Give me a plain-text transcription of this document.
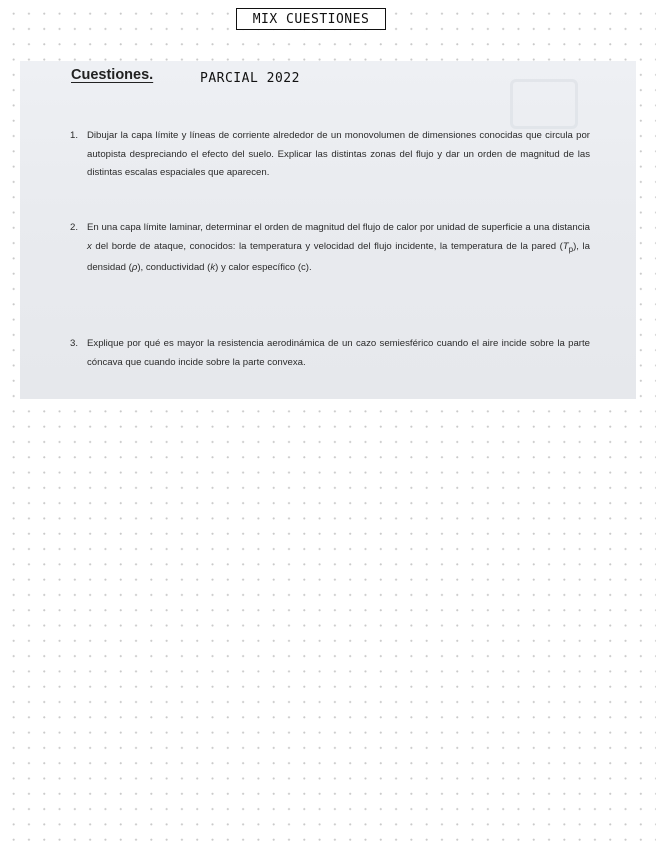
MIX CUESTIONES
Cuestiones.	PARCIAL 2022
1. Dibujar la capa límite y líneas de corriente alrededor de un monovolumen de dimensiones conocidas que circula por autopista despreciando el efecto del suelo. Explicar las distintas zonas del flujo y dar un orden de magnitud de las distintas escalas espaciales que aparecen.
2. En una capa límite laminar, determinar el orden de magnitud del flujo de calor por unidad de superficie a una distancia x del borde de ataque, conocidos: la temperatura y velocidad del flujo incidente, la temperatura de la pared $(T_p)$, la densidad (ρ), conductividad (k) y calor específico (c).
3. Explique por qué es mayor la resistencia aerodinámica de un cazo semiesférico cuando el aire incide sobre la parte cóncava que cuando incide sobre la parte convexa.
